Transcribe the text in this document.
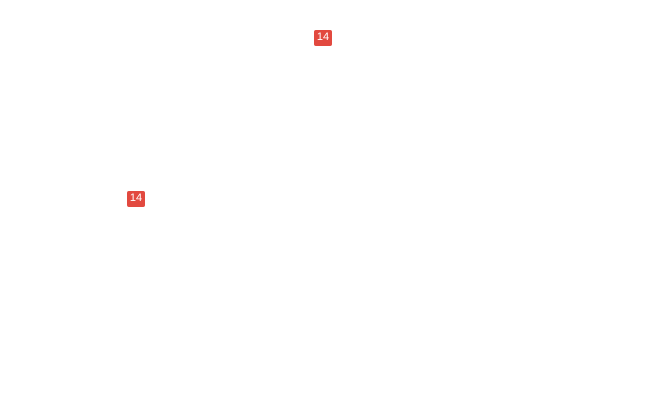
14
14
